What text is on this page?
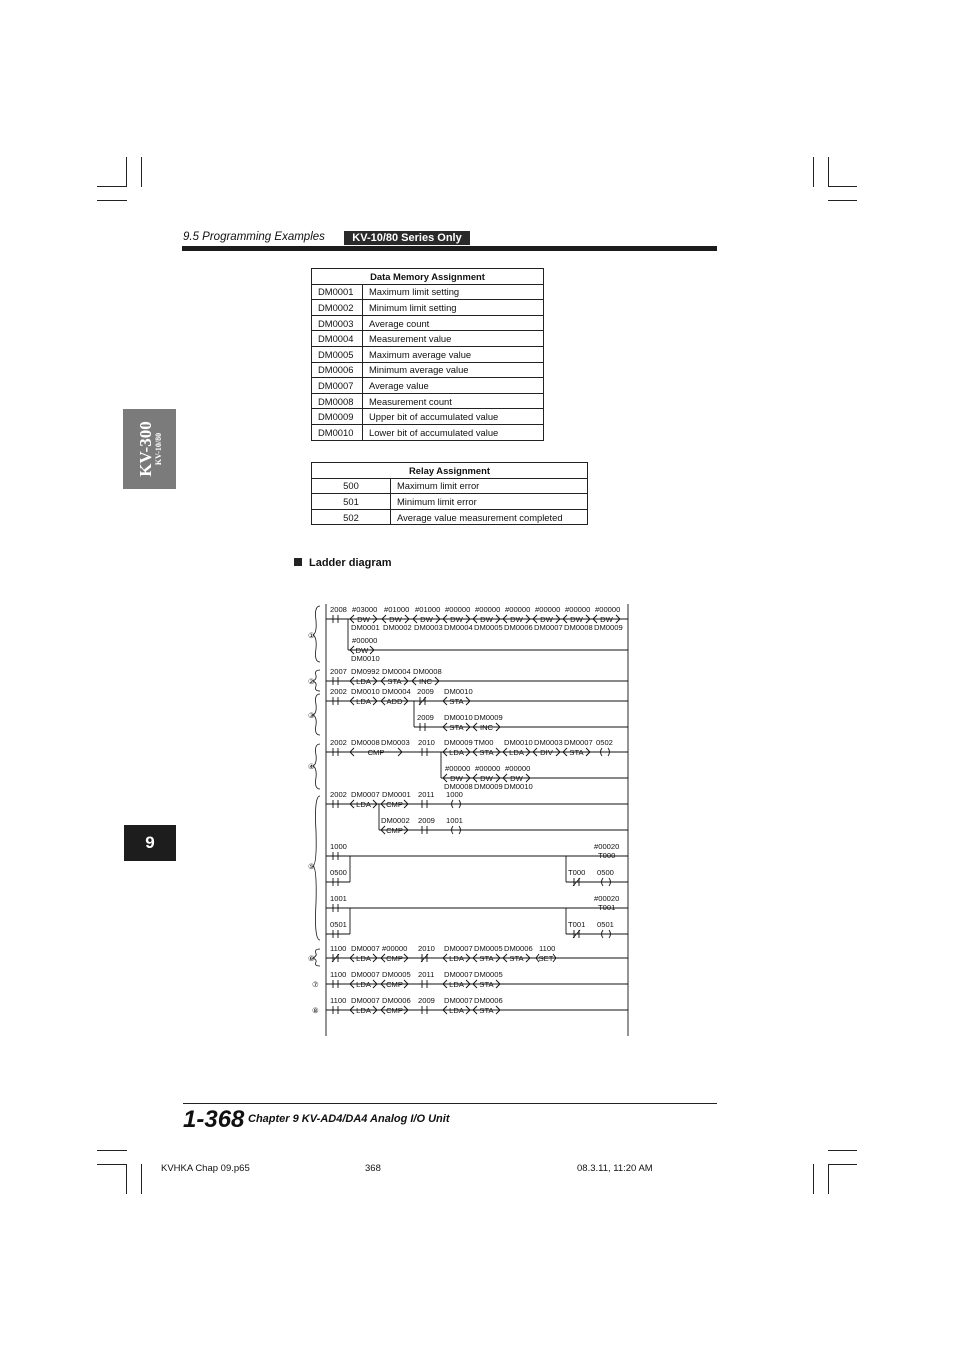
9.5 Programming Examples	KV-10/80 Series Only
KV-300 KV-10/80
9
Data Memory Assignment	
DM0001	Maximum limit setting
DM0002	Minimum limit setting
DM0003	Average count
DM0004	Measurement value
DM0005	Maximum average value
DM0006	Minimum average value
DM0007	Average value
DM0008	Measurement count
DM0009	Upper bit of accumulated value
DM0010	Lower bit of accumulated value
Relay Assignment	
500	Maximum limit error
501	Minimum limit error
502	Average value measurement completed
Ladder diagram
2008 #03000
DW
DM0001
#01000
DW
DM0002
#01000
DW
DM0003
#00000
DW
DM0004
#00000
DW
DM0005
#00000
DW
DM0006
#00000
DW
DM0007
#00000
DW
DM0008
#00000
DW
DM0009
#00000
DW
DM0010
①
2007 DM0992
LDA
DM0004
STA
DM0008
INC
②
2002 DM0010
LDA
DM0004
ADD
2009 DM0010
STA
2009 DM0010
STA
DM0009
INC
③
2002 DM0008 DM0003
CMP
2010 DM0009
LDA
TM00
STA
DM0010
LDA
DM0003
DIV
DM0007
STA
0502
#00000
DW
DM0008
#00000
DW
DM0009
#00000
DW
DM0010
④
2002 DM0007 DM0001
LDA CMP
2011 1000
DM0002
CMP
2009 1001
1000	#00020
T000
0500	T000 0500
1001	#00020
T001
0501	T001 0501
⑤
1100 DM0007 #00000
LDA CMP
2010 DM0007
LDA
DM0005
STA
DM0006
STA
1100
SET
⑥
1100 DM0007 DM0005
LDA CMP
2011 DM0007
LDA
DM0005
STA
⑦
1100 DM0007 DM0006
LDA CMP
2009 DM0007
LDA
DM0006
STA
⑧
1-368 Chapter 9 KV-AD4/DA4 Analog I/O Unit
KVHKA Chap 09.p65	368	08.3.11, 11:20 AM
